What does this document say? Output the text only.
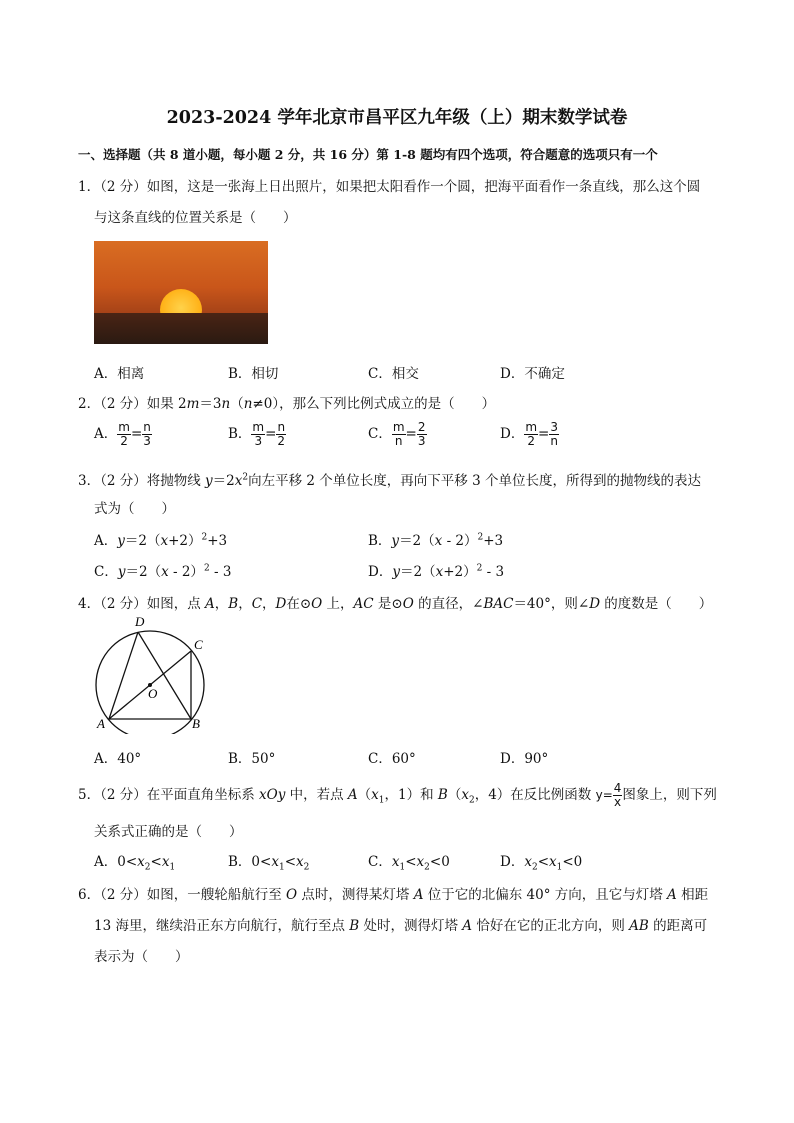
2023-2024 学年北京市昌平区九年级（上）期末数学试卷
一、选择题（共 8 道小题，每小题 2 分，共 16 分）第 1-8 题均有四个选项，符合题意的选项只有一个
1．（2 分）如图，这是一张海上日出照片，如果把太阳看作一个圆，把海平面看作一条直线，那么这个圆
与这条直线的位置关系是（　　）
A．相离	B．相切	C．相交	D．不确定
2．（2 分）如果 2m＝3n（n≠0），那么下列比例式成立的是（　　）
A． $\frac{m}{2} = \frac{n}{3}$	B． $\frac{m}{3} = \frac{n}{2}$	C． $\frac{m}{n} = \frac{2}{3}$	D． $\frac{m}{2} = \frac{3}{n}$
3．（2 分）将抛物线 $y=2x^2$向左平移 2 个单位长度，再向下平移 3 个单位长度，所得到的抛物线的表达
式为（　　）
A．$y=2(x+2)^2+3$	B．y＝2（x - 2）$^2$+3
C．y＝2（x - 2）$^2$ - 3	D．$y=2(x+2)^2 - 3$
4．（2 分）如图，点 A，B，C，D在⊙O 上，AC 是⊙O 的直径，∠BAC＝40°，则∠D 的度数是（　　）
D
C
O
A	B
A．40°	B．50°	C．60°	D．90°
5．（2 分）在平面直角坐标系 xOy 中，若点 $A(x_1$，1）和 $B(x_2$，4）在反比例函数 $y= \frac{4}{x}$ 图象上，则下列
关系式正确的是（　　）
A．$0<x_2<x_1$	B．$0<x_1<x_2$	C．$x_1<x_2<0$	D．$x_2<x_1<0$
6．（2 分）如图，一艘轮船航行至 O 点时，测得某灯塔 A 位于它的北偏东 40° 方向，且它与灯塔 A 相距
13 海里，继续沿正东方向航行，航行至点 B 处时，测得灯塔 A 恰好在它的正北方向，则 AB 的距离可
表示为（　　）
